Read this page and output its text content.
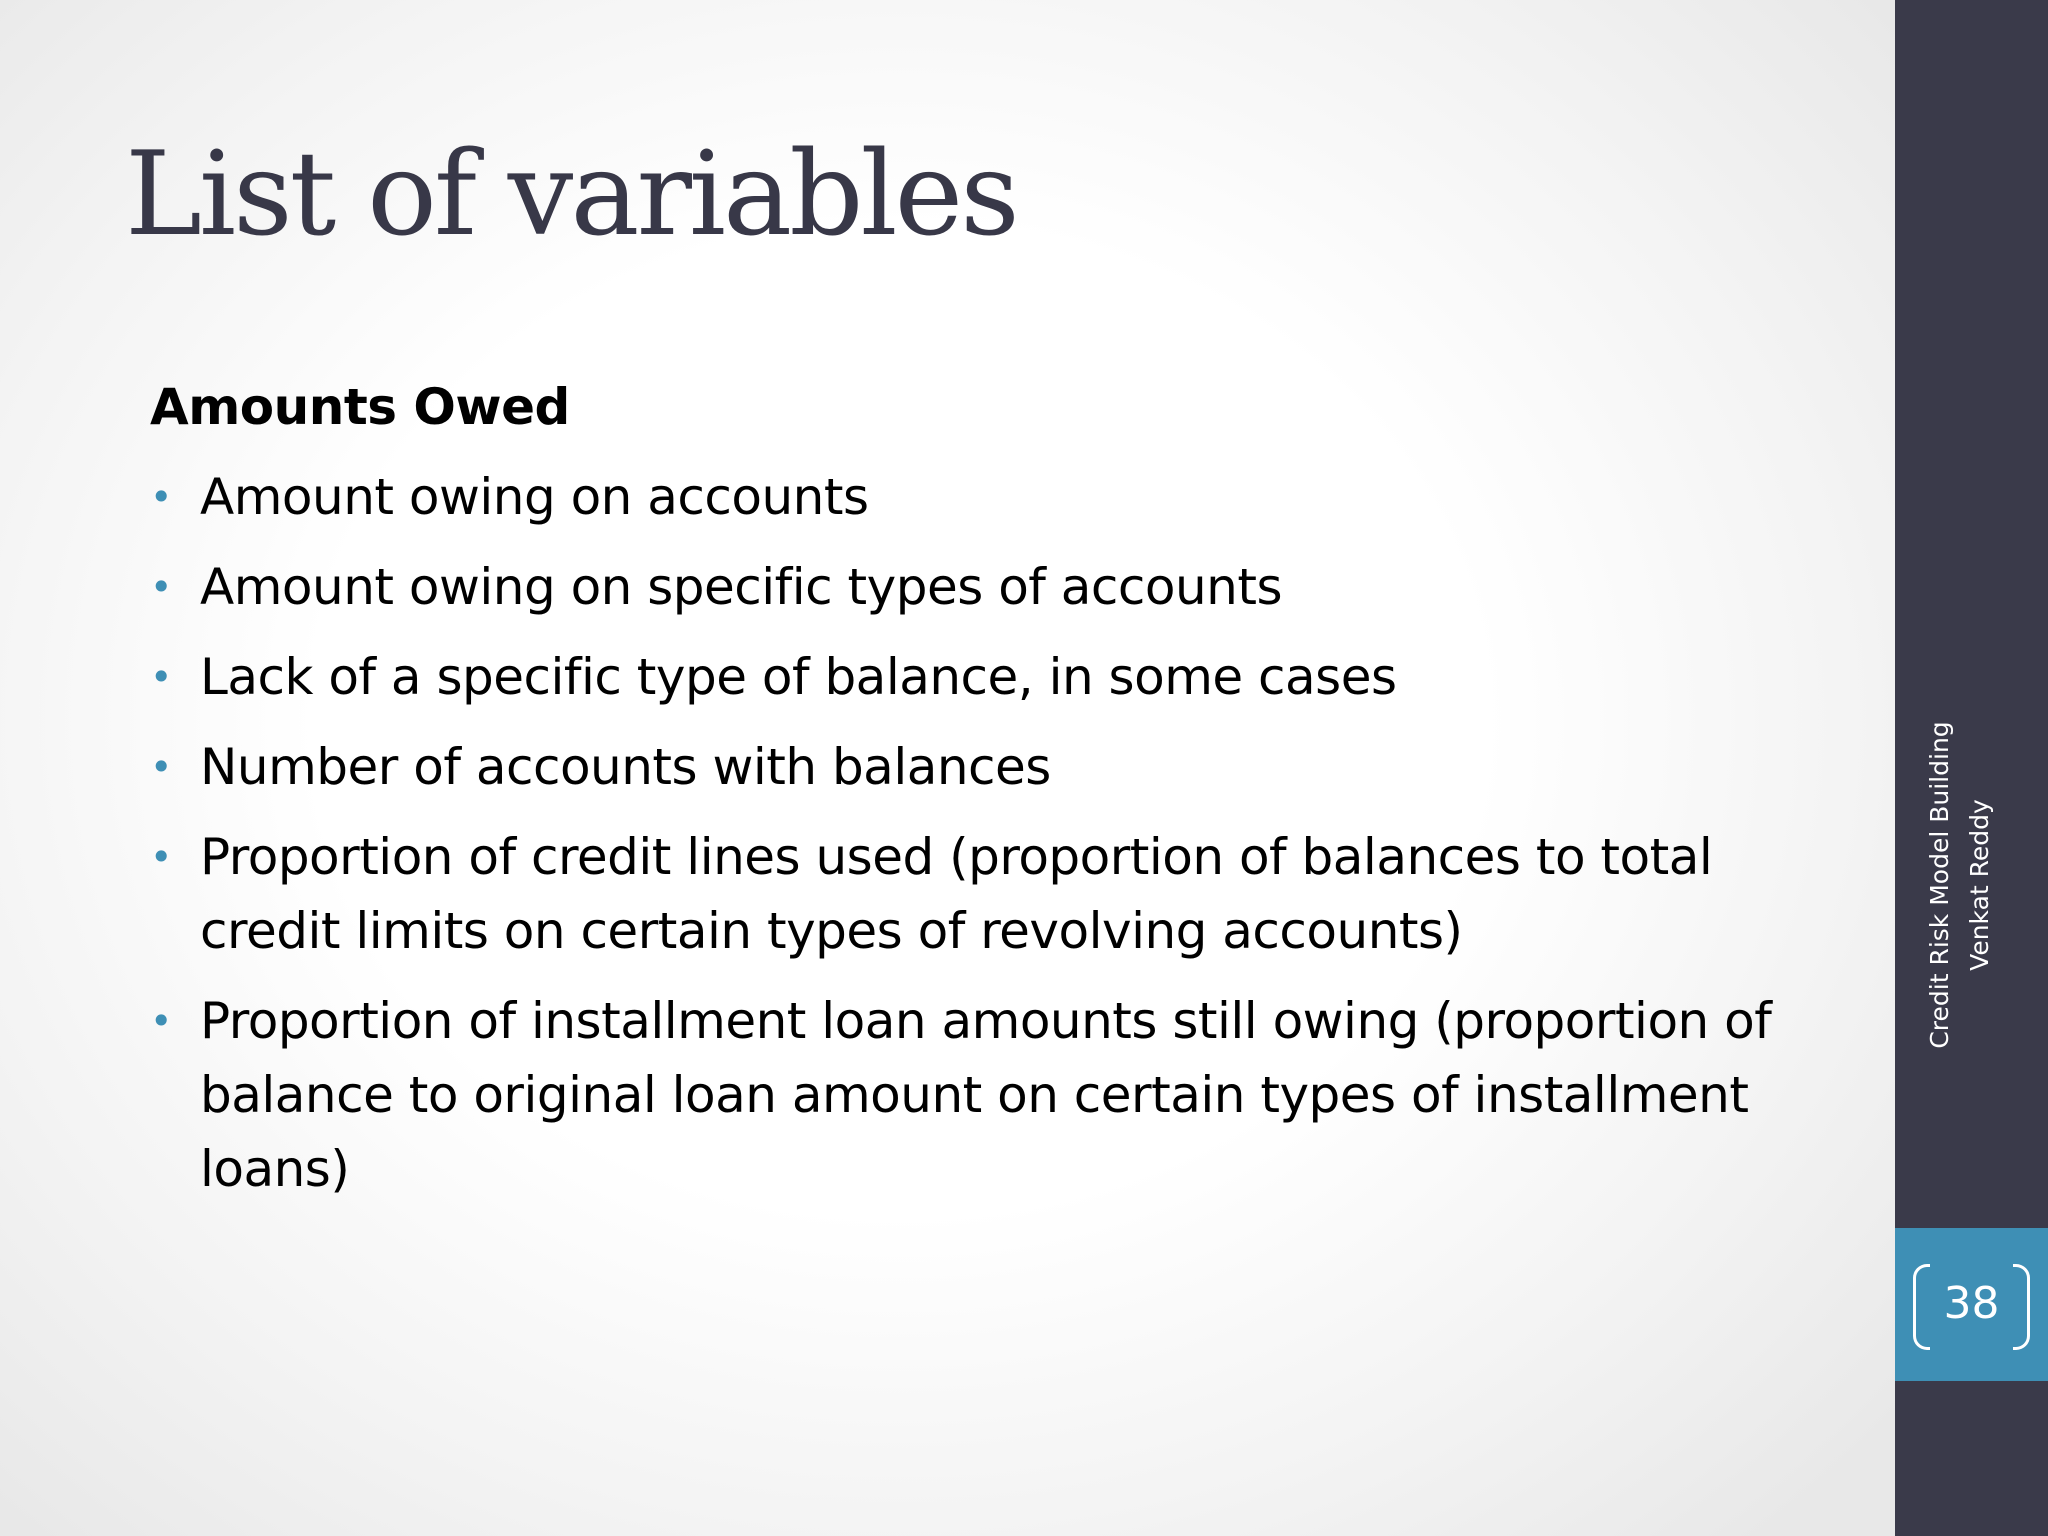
List of variables
Amounts Owed
• Amount owing on accounts
• Amount owing on specific types of accounts
• Lack of a specific type of balance, in some cases
• Number of accounts with balances
• Proportion of credit lines used (proportion of balances to total credit limits on certain types of revolving accounts)
• Proportion of installment loan amounts still owing (proportion of balance to original loan amount on certain types of installment loans)
Credit Risk Model Building Venkat Reddy
38
